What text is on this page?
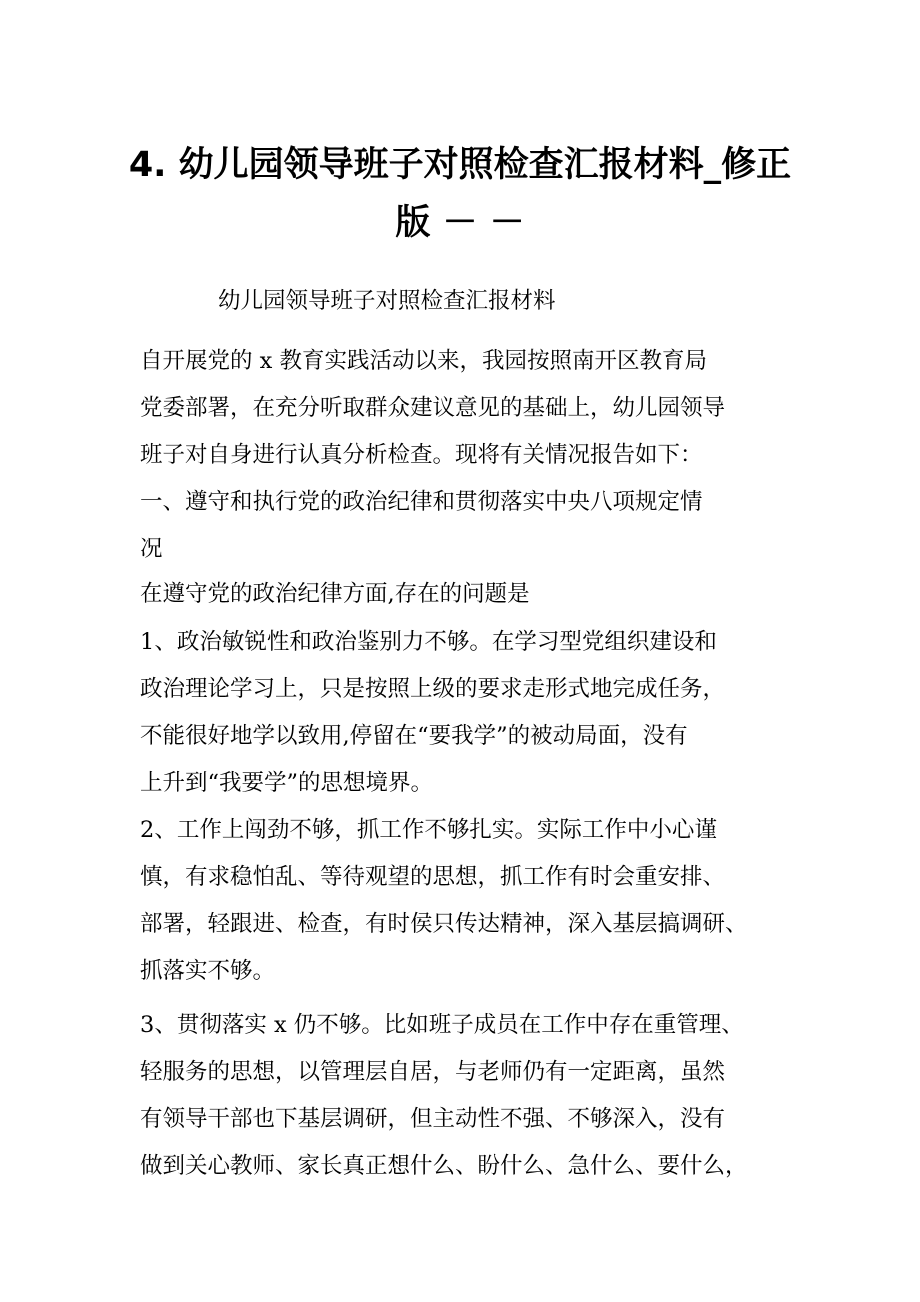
4. 幼儿园领导班子对照检查汇报材料_修正
版 － －

幼儿园领导班子对照检查汇报材料

自开展党的 x 教育实践活动以来，我园按照南开区教育局
党委部署，在充分听取群众建议意见的基础上，幼儿园领导
班子对自身进行认真分析检查。现将有关情况报告如下：

一、遵守和执行党的政治纪律和贯彻落实中央八项规定情
况

在遵守党的政治纪律方面,存在的问题是

1、政治敏锐性和政治鉴别力不够。在学习型党组织建设和
政治理论学习上，只是按照上级的要求走形式地完成任务，
不能很好地学以致用,停留在“要我学”的被动局面，没有
上升到“我要学”的思想境界。

2、工作上闯劲不够，抓工作不够扎实。实际工作中小心谨
慎，有求稳怕乱、等待观望的思想，抓工作有时会重安排、
部署，轻跟进、检查，有时侯只传达精神，深入基层搞调研、
抓落实不够。

3、贯彻落实 x 仍不够。比如班子成员在工作中存在重管理、
轻服务的思想，以管理层自居，与老师仍有一定距离，虽然
有领导干部也下基层调研，但主动性不强、不够深入，没有
做到关心教师、家长真正想什么、盼什么、急什么、要什么，
